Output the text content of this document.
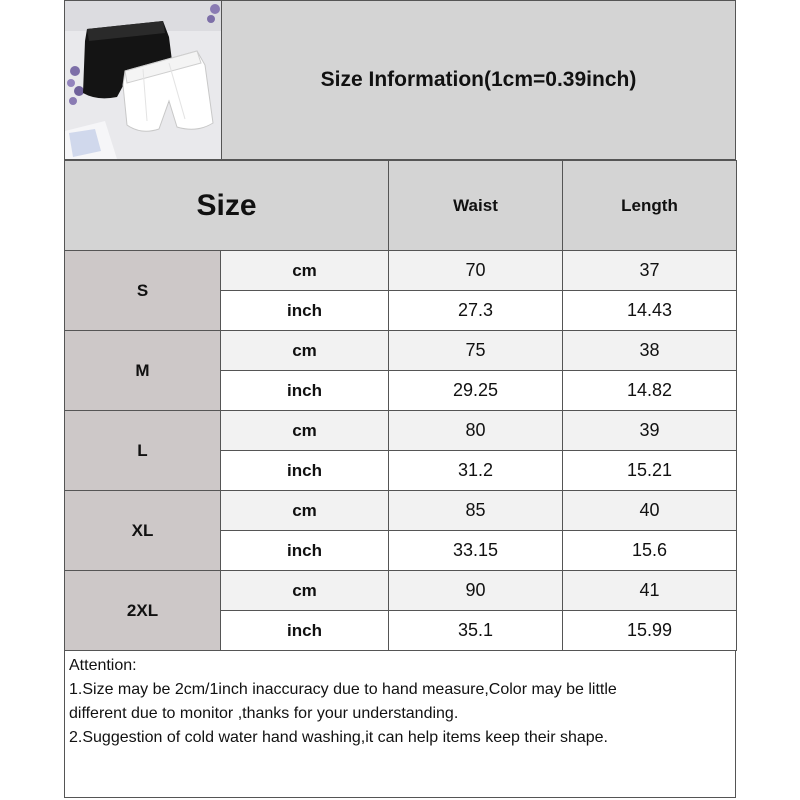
Size Information(1cm=0.39inch)
Size		Waist	Length
S	cm	70	37
	inch	27.3	14.43
M	cm	75	38
	inch	29.25	14.82
L	cm	80	39
	inch	31.2	15.21
XL	cm	85	40
	inch	33.15	15.6
2XL	cm	90	41
	inch	35.1	15.99
Attention:
1.Size may be 2cm/1inch inaccuracy due to hand measure,Color may be little
different due to monitor ,thanks for your understanding.
2.Suggestion of cold water hand washing,it can help items keep their shape.
